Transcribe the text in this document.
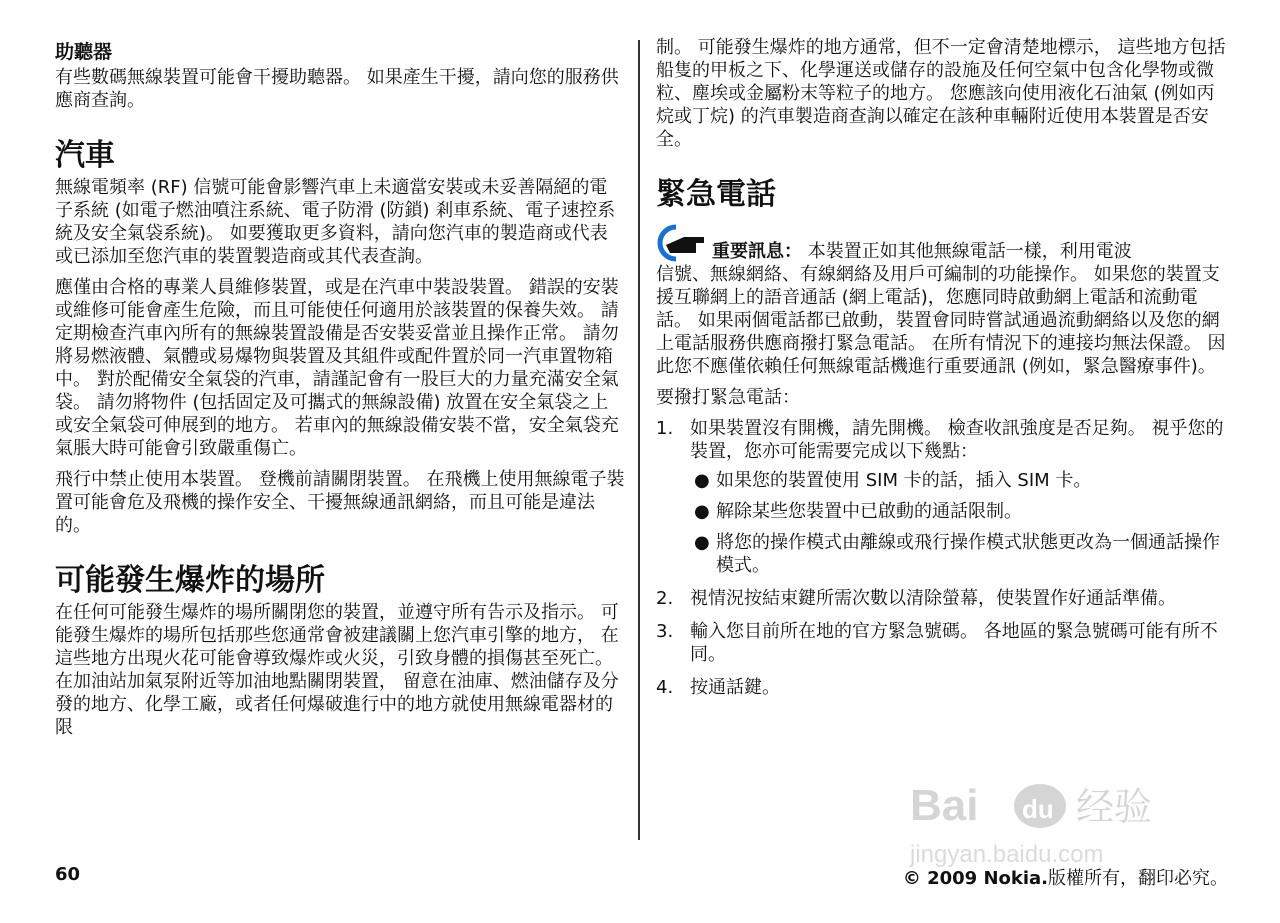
助聽器

有些數碼無線裝置可能會干擾助聽器。 如果產生干擾，請向您的服務供應商查詢。

汽車

無線電頻率 (RF) 信號可能會影響汽車上未適當安裝或未妥善隔絕的電子系統 (如電子燃油噴注系統、電子防滑 (防鎖) 剎車系統、電子速控系統及安全氣袋系統)。 如要獲取更多資料，請向您汽車的製造商或代表或已添加至您汽車的裝置製造商或其代表查詢。

應僅由合格的專業人員維修裝置，或是在汽車中裝設裝置。 錯誤的安裝或維修可能會產生危險，而且可能使任何適用於該裝置的保養失效。 請定期檢查汽車內所有的無線裝置設備是否安裝妥當並且操作正常。 請勿將易燃液體、氣體或易爆物與裝置及其組件或配件置於同一汽車置物箱中。 對於配備安全氣袋的汽車，請謹記會有一股巨大的力量充滿安全氣袋。 請勿將物件 (包括固定及可攜式的無線設備) 放置在安全氣袋之上或安全氣袋可伸展到的地方。 若車內的無線設備安裝不當，安全氣袋充氣脹大時可能會引致嚴重傷亡。

飛行中禁止使用本裝置。 登機前請關閉裝置。 在飛機上使用無線電子裝置可能會危及飛機的操作安全、干擾無線通訊網絡，而且可能是違法的。

可能發生爆炸的場所

在任何可能發生爆炸的場所關閉您的裝置，並遵守所有告示及指示。 可能發生爆炸的場所包括那些您通常會被建議關上您汽車引擎的地方， 在這些地方出現火花可能會導致爆炸或火災，引致身體的損傷甚至死亡。 在加油站加氣泵附近等加油地點關閉裝置， 留意在油庫、燃油儲存及分發的地方、化學工廠，或者任何爆破進行中的地方就使用無線電器材的限

制。 可能發生爆炸的地方通常，但不一定會清楚地標示， 這些地方包括船隻的甲板之下、化學運送或儲存的設施及任何空氣中包含化學物或微粒、塵埃或金屬粉末等粒子的地方。 您應該向使用液化石油氣 (例如丙烷或丁烷) 的汽車製造商查詢以確定在該种車輛附近使用本裝置是否安全。

緊急電話
重要訊息： 本裝置正如其他無線電話一樣，利用電波

信號、無線網絡、有線網絡及用戶可編制的功能操作。 如果您的裝置支援互聯網上的語音通話 (網上電話)，您應同時啟動網上電話和流動電話。 如果兩個電話都已啟動，裝置會同時嘗試通過流動網絡以及您的網上電話服務供應商撥打緊急電話。 在所有情況下的連接均無法保證。 因此您不應僅依賴任何無線電話機進行重要通訊 (例如，緊急醫療事件)。

要撥打緊急電話：

1. 如果裝置沒有開機，請先開機。 檢查收訊強度是否足夠。 視乎您的裝置，您亦可能需要完成以下幾點：
● 如果您的裝置使用 SIM 卡的話，插入 SIM 卡。
● 解除某些您裝置中已啟動的通話限制。
● 將您的操作模式由離線或飛行操作模式狀態更改為一個通話操作模式。
2. 視情況按結束鍵所需次數以清除螢幕，使裝置作好通話準備。
3. 輸入您目前所在地的官方緊急號碼。 各地區的緊急號碼可能有所不同。
4. 按通話鍵。
Bai du 经验
jingyan.baidu.com
60	© 2009 Nokia.版權所有，翻印必究。
